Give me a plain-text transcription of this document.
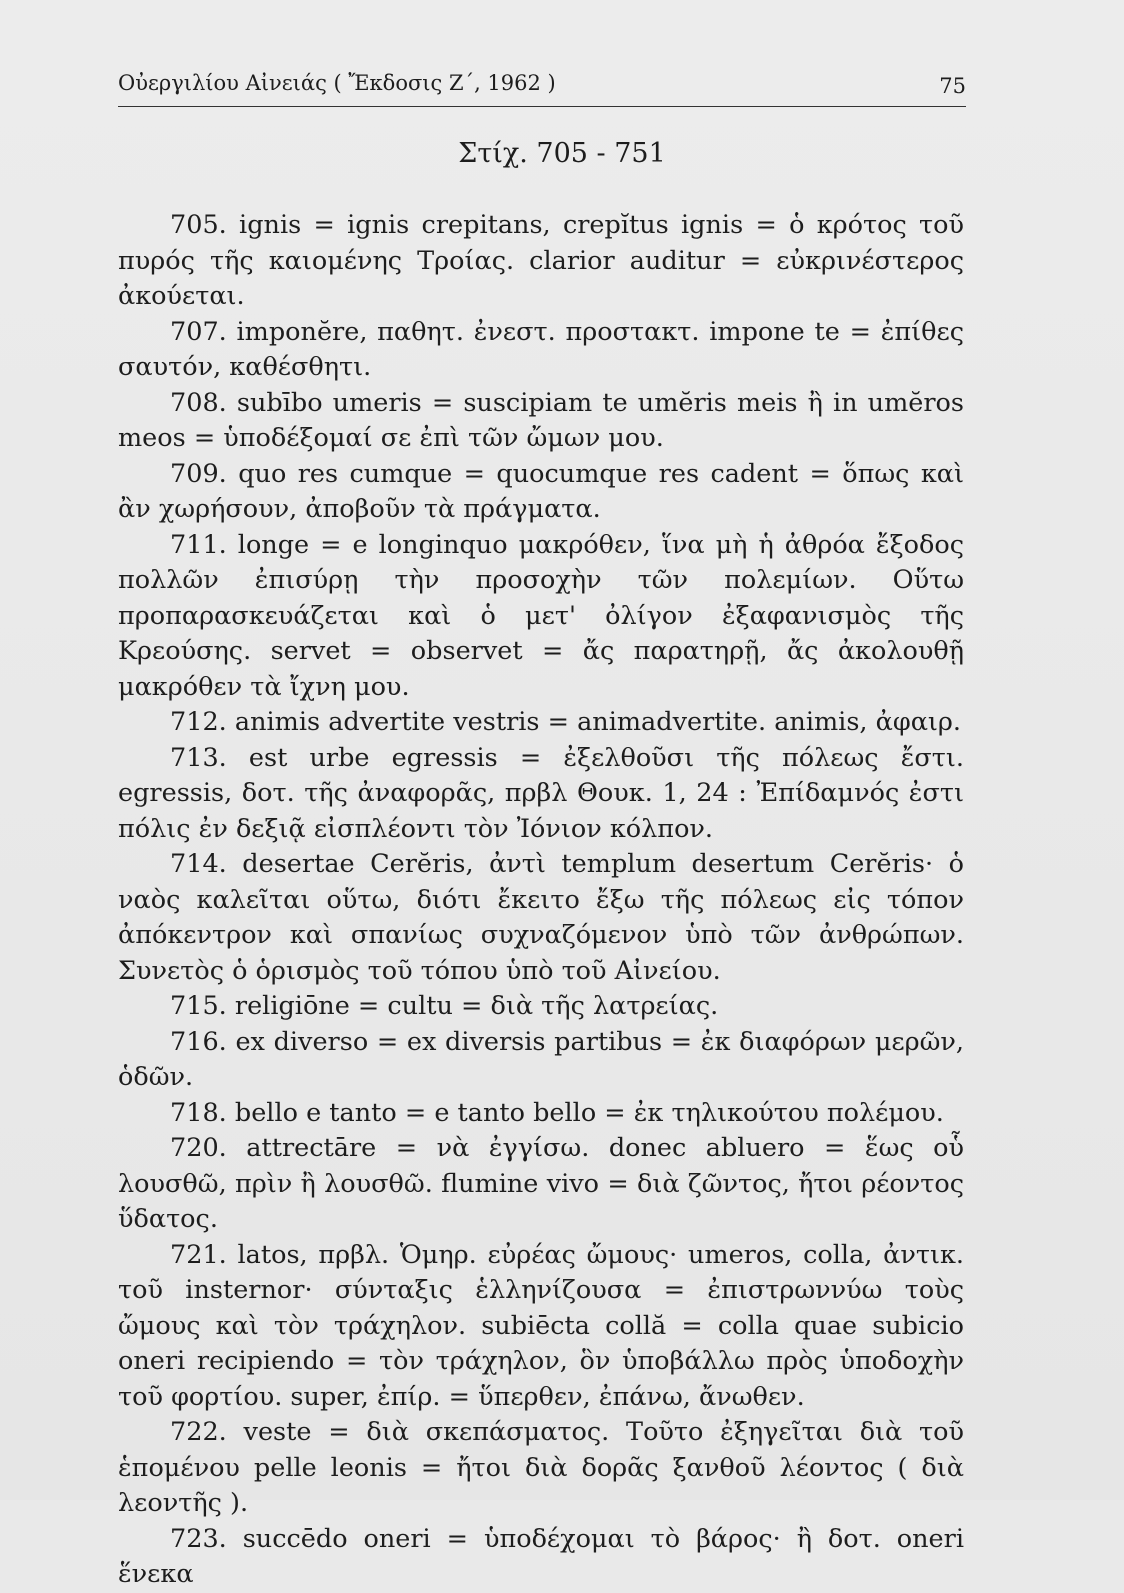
Οὐεργιλίου Αἰνειάς ( Ἔκδοσις Ζ΄, 1962 )	75
Στίχ. 705 - 751

705. ignis = ignis crepitans, crepĭtus ignis = ὁ κρότος τοῦ πυρός τῆς καιομένης Τροίας. clarior auditur = εὐκρινέστερος ἀκούεται.

707. imponĕre, παθητ. ἐνεστ. προστακτ. impone te = ἐπίθες σαυτόν, καθέσθητι.

708. subībo umeris = suscipiam te umĕris meis ἢ in umĕros meos = ὑποδέξομαί σε ἐπὶ τῶν ὤμων μου.

709. quo res cumque = quocumque res cadent = ὅπως καὶ ἂν χωρήσουν, ἀποβοῦν τὰ πράγματα.

711. longe = e longinquo μακρόθεν, ἵνα μὴ ἡ ἀθρόα ἔξοδος πολλῶν ἐπισύρῃ τὴν προσοχὴν τῶν πολεμίων. Οὕτω προπαρασκευάζεται καὶ ὁ μετ' ὀλίγον ἐξαφανισμὸς τῆς Κρεούσης. servet = observet = ἄς παρατηρῇ, ἄς ἀκολουθῇ μακρόθεν τὰ ἴχνη μου.

712. animis advertite vestris = animadvertite. animis, ἀφαιρ.

713. est urbe egressis = ἐξελθοῦσι τῆς πόλεως ἔστι. egressis, δοτ. τῆς ἀναφορᾶς, πρβλ Θουκ. 1, 24 : Ἐπίδαμνός ἐστι πόλις ἐν δεξιᾷ εἰσπλέοντι τὸν Ἰόνιον κόλπον.

714. desertae Cerĕris, ἀντὶ templum desertum Cerĕris· ὁ ναὸς καλεῖται οὕτω, διότι ἔκειτο ἔξω τῆς πόλεως εἰς τόπον ἀπόκεντρον καὶ σπανίως συχναζόμενον ὑπὸ τῶν ἀνθρώπων. Συνετὸς ὁ ὁρισμὸς τοῦ τόπου ὑπὸ τοῦ Αἰνείου.

715. religiōne = cultu = διὰ τῆς λατρείας.

716. ex diverso = ex diversis partibus = ἐκ διαφόρων μερῶν, ὁδῶν.

718. bello e tanto = e tanto bello = ἐκ τηλικούτου πολέμου.

720. attrectāre = νὰ ἐγγίσω. donec abluero = ἕως οὗ λουσθῶ, πρὶν ἢ λουσθῶ. flumine vivo = διὰ ζῶντος, ἤτοι ρέοντος ὕδατος.

721. latos, πρβλ. Ὁμηρ. εὐρέας ὤμους· umeros, colla, ἀντικ. τοῦ insternor· σύνταξις ἑλληνίζουσα = ἐπιστρωννύω τοὺς ὤμους καὶ τὸν τράχηλον. subiēcta collă = colla quae subicio oneri recipiendo = τὸν τράχηλον, ὃν ὑποβάλλω πρὸς ὑποδοχὴν τοῦ φορτίου. super, ἐπίρ. = ὕπερθεν, ἐπάνω, ἄνωθεν.

722. veste = διὰ σκεπάσματος. Τοῦτο ἐξηγεῖται διὰ τοῦ ἑπομένου pelle leonis = ἤτοι διὰ δορᾶς ξανθοῦ λέοντος ( διὰ λεοντῆς ).

723. succēdo oneri = ὑποδέχομαι τὸ βάρος· ἢ δοτ. oneri ἕνεκα
